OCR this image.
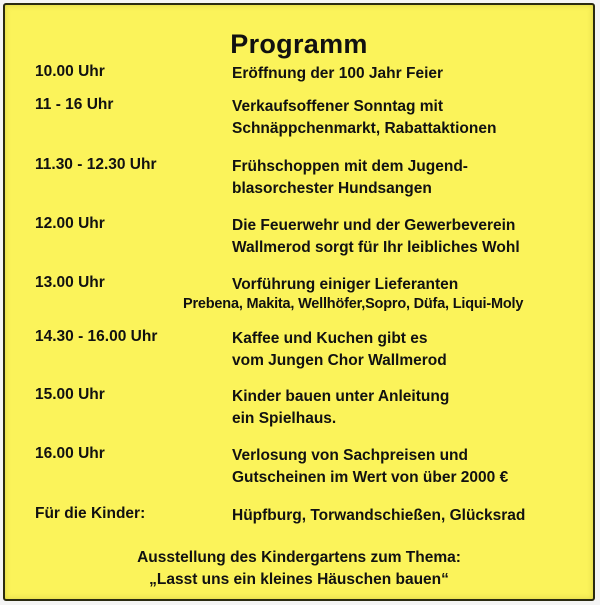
Programm
10.00 Uhr	Eröffnung der 100 Jahr Feier
11 - 16 Uhr	Verkaufsoffener Sonntag mit
Schnäppchenmarkt, Rabattaktionen
11.30 - 12.30 Uhr	Frühschoppen mit dem Jugend-
blasorchester Hundsangen
12.00 Uhr	Die Feuerwehr und der Gewerbeverein
Wallmerod sorgt für Ihr leibliches Wohl
13.00 Uhr	Vorführung einiger Lieferanten
Prebena, Makita, Wellhöfer,Sopro, Düfa, Liqui-Moly
14.30 - 16.00 Uhr	Kaffee und Kuchen gibt es
vom Jungen Chor Wallmerod
15.00 Uhr	Kinder bauen unter Anleitung
ein Spielhaus.
16.00 Uhr	Verlosung von Sachpreisen und
Gutscheinen im Wert von über 2000 €
Für die Kinder:	Hüpfburg, Torwandschießen, Glücksrad
Ausstellung des Kindergartens zum Thema:
„Lasst uns ein kleines Häuschen bauen“
